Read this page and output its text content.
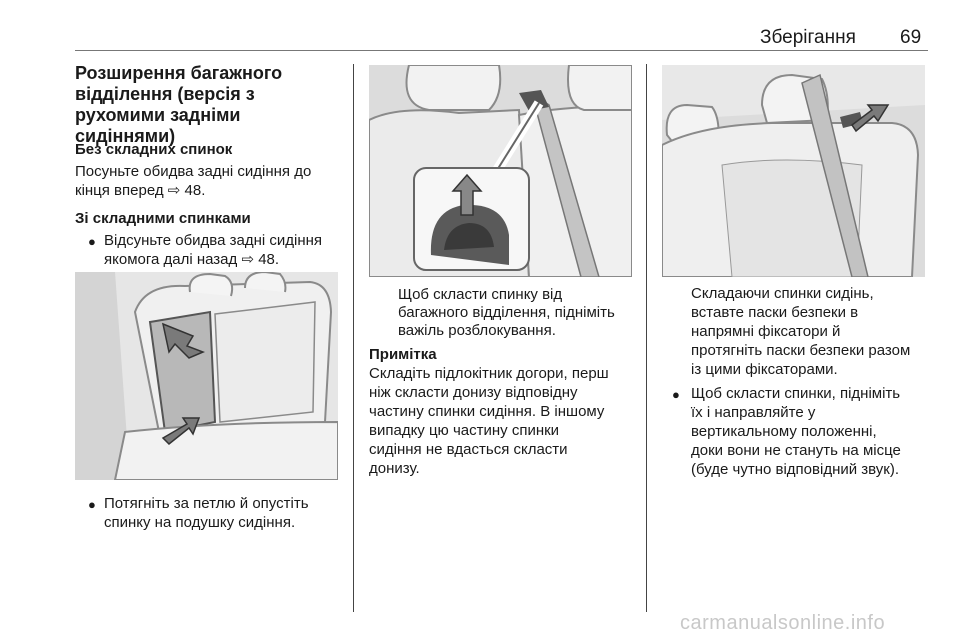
Зберігання 69
Розширення багажного відділення (версія з рухомими задніми сидіннями)
Без складних спинок
Посуньте обидва задні сидіння до
кінця вперед ⇨ 48.
Зі складними спинками
● Відсуньте обидва задні сидіння
якомога далі назад ⇨ 48.
● Потягніть за петлю й опустіть
спинку на подушку сидіння.
Щоб скласти спинку від
багажного відділення, підніміть
важіль розблокування.
Примітка
Складіть підлокітник догори, перш
ніж скласти донизу відповідну
частину спинки сидіння. В іншому
випадку цю частину спинки
сидіння не вдасться скласти
донизу.
Складаючи спинки сидінь,
вставте паски безпеки в
напрямні фіксатори й
протягніть паски безпеки разом
із цими фіксаторами.
● Щоб скласти спинки, підніміть
їх і направляйте у
вертикальному положенні,
доки вони не стануть на місце
(буде чутно відповідний звук).
carmanualsonline.info
